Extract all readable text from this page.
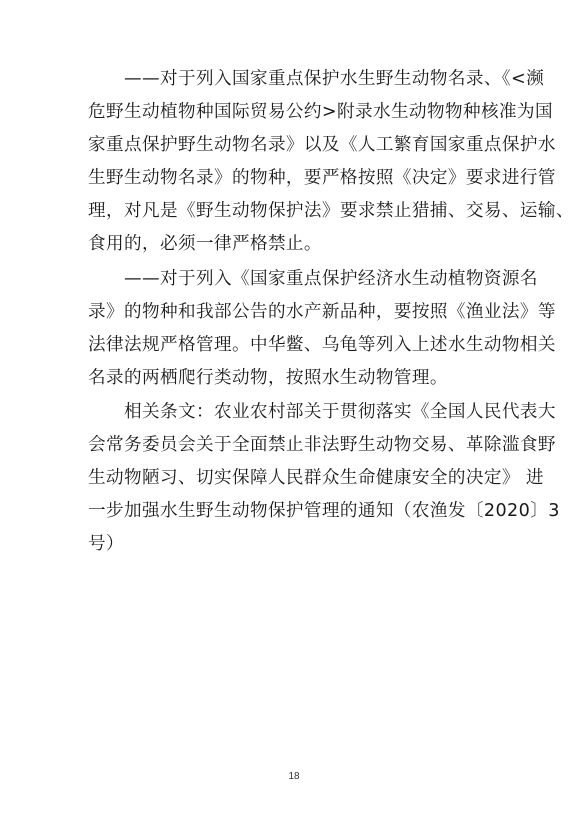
　　——对于列入国家重点保护水生野生动物名录、《<濒
危野生动植物种国际贸易公约>附录水生动物物种核准为国
家重点保护野生动物名录》以及《人工繁育国家重点保护水
生野生动物名录》的物种，要严格按照《决定》要求进行管
理，对凡是《野生动物保护法》要求禁止猎捕、交易、运输、
食用的，必须一律严格禁止。
　　——对于列入《国家重点保护经济水生动植物资源名
录》的物种和我部公告的水产新品种，要按照《渔业法》等
法律法规严格管理。中华鳖、乌龟等列入上述水生动物相关
名录的两栖爬行类动物，按照水生动物管理。
　　相关条文：农业农村部关于贯彻落实《全国人民代表大
会常务委员会关于全面禁止非法野生动物交易、革除滥食野
生动物陋习、切实保障人民群众生命健康安全的决定》 进
一步加强水生野生动物保护管理的通知（农渔发〔2020〕3
号）
18
